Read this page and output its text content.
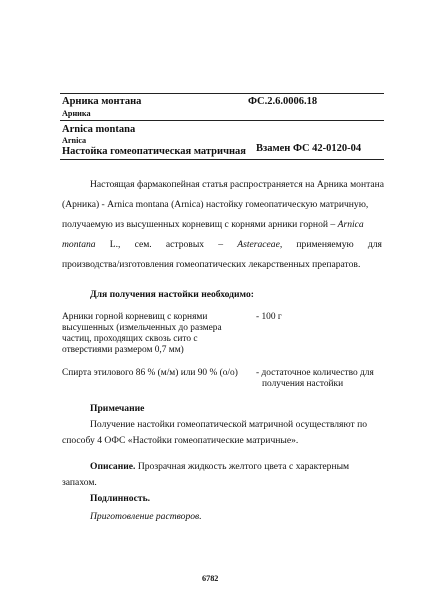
Арника монтана
Арника
Arnica montana
Arnica
Настойка гомеопатическая матричная
ФС.2.6.0006.18
Взамен ФС 42-0120-04
Настоящая фармакопейная статья распространяется на Арника монтана
(Арника) - Arnica montana (Arnica) настойку гомеопатическую матричную,
получаемую из высушенных корневищ с корнями арники горной – Arnica
montana L., сем. астровых – Asteraceae, применяемую для
производства/изготовления гомеопатических лекарственных препаратов.
Для получения настойки необходимо:
Арники горной корневищ с корнями
высушенных (измельченных до размера
частиц, проходящих сквозь сито с
отверстиями размером 0,7 мм)
- 100 г
Спирта этилового 86 % (м/м) или 90 % (о/о) - достаточное количество для
получения настойки
Примечание
Получение настойки гомеопатической матричной осуществляют по
способу 4 ОФС «Настойки гомеопатические матричные».
Описание. Прозрачная жидкость желтого цвета с характерным
запахом.
Подлинность.
Приготовление растворов.
6782
